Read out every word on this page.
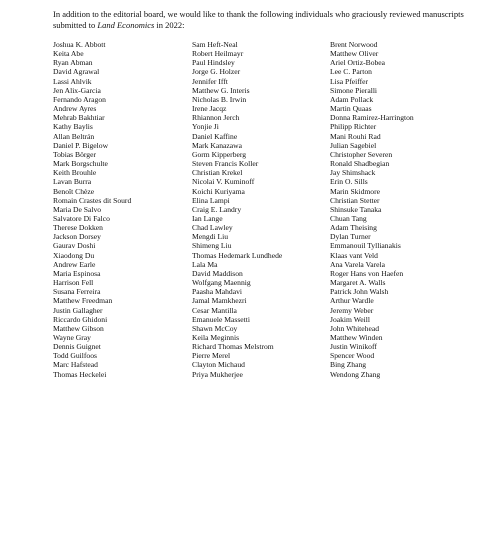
In addition to the editorial board, we would like to thank the following individuals who graciously reviewed manuscripts submitted to Land Economics in 2022:

Joshua K. Abbott
Keita Abe
Ryan Abman
David Agrawal
Lassi Ahlvik
Jen Alix-Garcia
Fernando Aragon
Andrew Ayres
Mehrab Bakhtiar
Kathy Baylis
Allan Beltrán
Daniel P. Bigelow
Tobias Börger
Mark Borgschulte
Keith Brouhle
Lavan Burra
Benoît Chèze
Romain Crastes dit Sourd
Maria De Salvo
Salvatore Di Falco
Therese Dokken
Jackson Dorsey
Gaurav Doshi
Xiaodong Du
Andrew Earle
Maria Espinosa
Harrison Fell
Susana Ferreira
Matthew Freedman
Justin Gallagher
Riccardo Ghidoni
Matthew Gibson
Wayne Gray
Dennis Guignet
Todd Guilfoos
Marc Hafstead
Thomas Heckelei
Sam Heft-Neal
Robert Heilmayr
Paul Hindsley
Jorge G. Holzer
Jennifer Ifft
Matthew G. Interis
Nicholas B. Irwin
Irene Jacqz
Rhiannon Jerch
Yonjie Ji
Daniel Kaffine
Mark Kanazawa
Gorm Kipperberg
Steven Francis Koller
Christian Krekel
Nicolai V. Kuminoff
Koichi Kuriyama
Elina Lampi
Craig E. Landry
Ian Lange
Chad Lawley
Mengdi Liu
Shimeng Liu
Thomas Hedemark Lundhede
Lala Ma
David Maddison
Wolfgang Maennig
Paasha Mahdavi
Jamal Mamkhezri
Cesar Mantilla
Emanuele Massetti
Shawn McCoy
Keila Meginnis
Richard Thomas Melstrom
Pierre Merel
Clayton Michaud
Priya Mukherjee
Brent Norwood
Matthew Oliver
Ariel Ortiz-Bobea
Lee C. Parton
Lisa Pfeiffer
Simone Pieralli
Adam Pollack
Martin Quaas
Donna Ramirez-Harrington
Philipp Richter
Mani Rouhi Rad
Julian Sagebiel
Christopher Severen
Ronald Shadbegian
Jay Shimshack
Erin O. Sills
Marin Skidmore
Christian Stetter
Shinsuke Tanaka
Chuan Tang
Adam Theising
Dylan Turner
Emmanouil Tyllianakis
Klaas vant Veld
Ana Varela Varela
Roger Hans von Haefen
Margaret A. Walls
Patrick John Walsh
Arthur Wardle
Jeremy Weber
Joakim Weill
John Whitehead
Matthew Winden
Justin Winikoff
Spencer Wood
Bing Zhang
Wendong Zhang
